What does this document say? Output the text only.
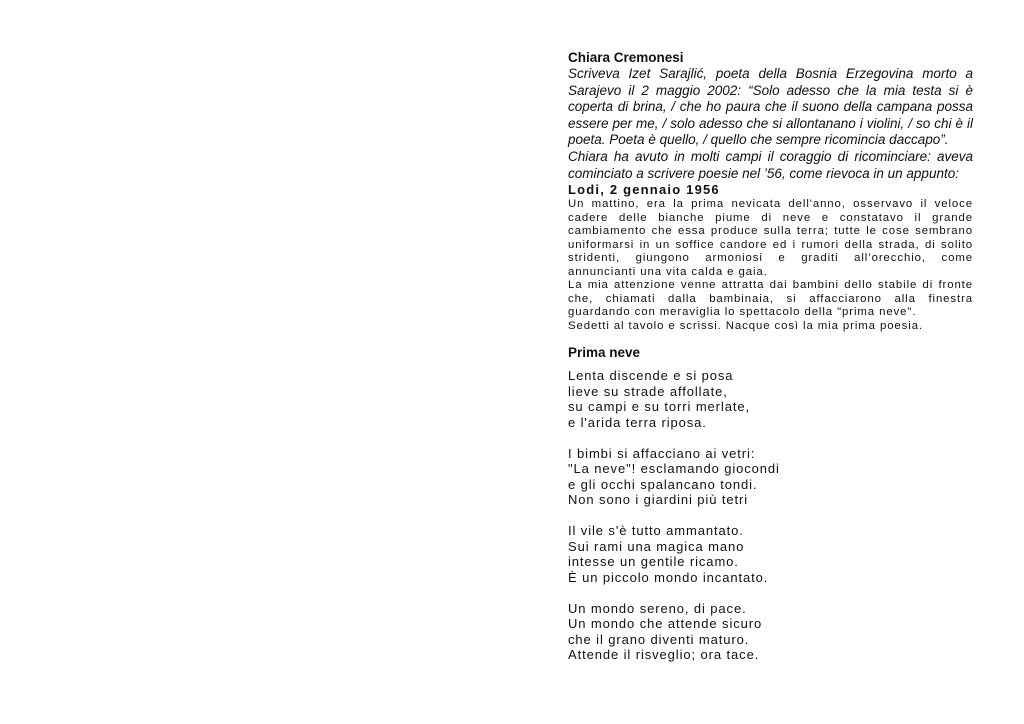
Chiara Cremonesi

Scriveva Izet Sarajlić, poeta della Bosnia Erzegovina morto a Sarajevo il 2 maggio 2002: “Solo adesso che la mia testa si è coperta di brina, / che ho paura che il suono della campana possa essere per me, / solo adesso che si allontanano i violini, / so chi è il poeta. Poeta è quello, / quello che sempre ricomincia daccapo”.

Chiara ha avuto in molti campi il coraggio di ricominciare: aveva cominciato a scrivere poesie nel ’56, come rievoca in un appunto:

Lodi, 2 gennaio 1956

Un mattino, era la prima nevicata dell'anno, osservavo il veloce cadere delle bianche piume di neve e constatavo il grande cambiamento che essa produce sulla terra; tutte le cose sembrano uniformarsi in un soffice candore ed i rumori della strada, di solito stridenti, giungono armoniosi e graditi all’orecchio, come annuncianti una vita calda e gaia.

La mia attenzione venne attratta dai bambini dello stabile di fronte che, chiamati dalla bambinaia, si affacciarono alla finestra guardando con meraviglia lo spettacolo della "prima neve".

Sedetti al tavolo e scrissi. Nacque così la mia prima poesia.

Prima neve
Lenta discende e si posa
lieve su strade affollate,
su campi e su torri merlate,
e l'arida terra riposa.
I bimbi si affacciano ai vetri:
"La neve"! esclamando giocondi
e gli occhi spalancano tondi.
Non sono i giardini più tetri
Il vile s'è tutto ammantato.
Sui rami una magica mano
intesse un gentile ricamo.
È un piccolo mondo incantato.
Un mondo sereno, di pace.
Un mondo che attende sicuro
che il grano diventi maturo.
Attende il risveglio; ora tace.
